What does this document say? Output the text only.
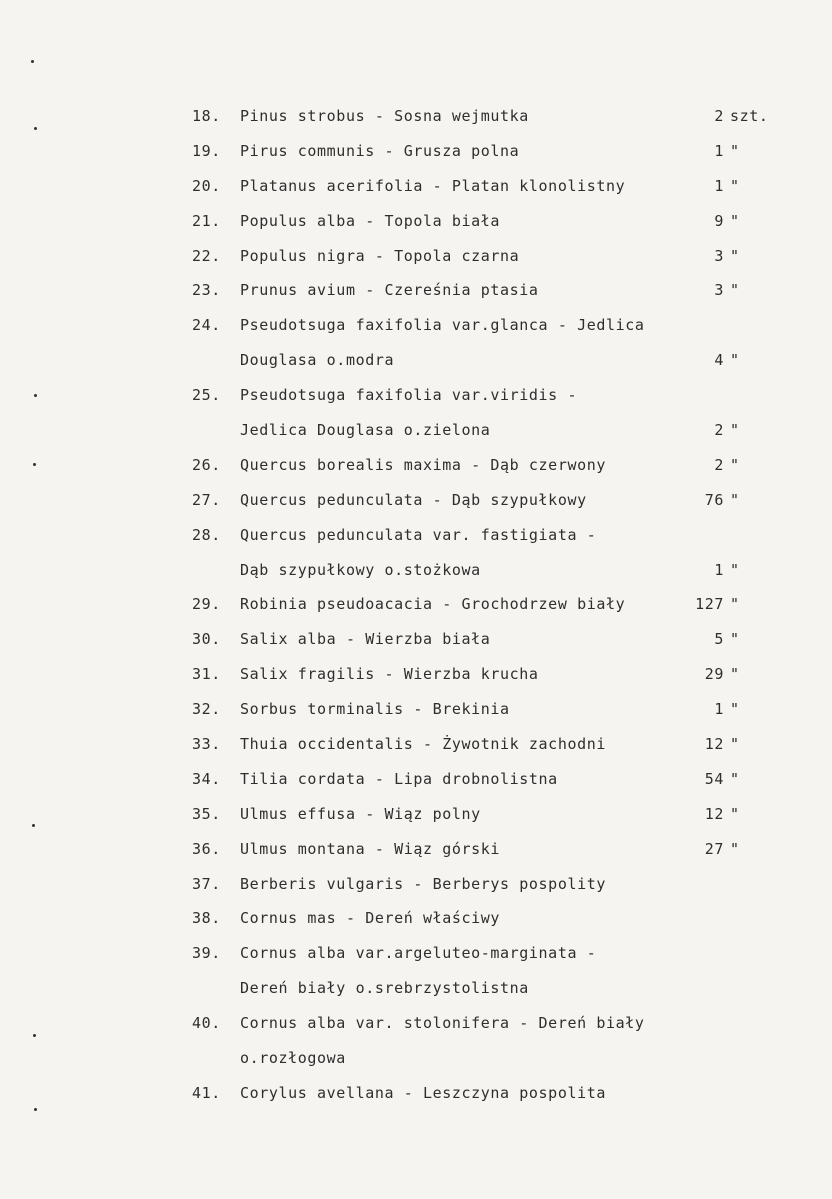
18.	Pinus strobus - Sosna wejmutka	2 szt.
19.	Pirus communis - Grusza polna	1 "
20.	Platanus acerifolia - Platan klonolistny	1 "
21.	Populus alba - Topola biała	9 "
22.	Populus nigra - Topola czarna	3 "
23.	Prunus avium - Czereśnia ptasia	3 "
24.	Pseudotsuga faxifolia var.glanca - Jedlica
Douglasa o.modra	4 "
25.	Pseudotsuga faxifolia var.viridis -
Jedlica Douglasa o.zielona	2 "
26.	Quercus borealis maxima - Dąb czerwony	2 "
27.	Quercus pedunculata - Dąb szypułkowy	76 "
28.	Quercus pedunculata var. fastigiata -
Dąb szypułkowy o.stożkowa	1 "
29.	Robinia pseudoacacia - Grochodrzew biały	127 "
30.	Salix alba - Wierzba biała	5 "
31.	Salix fragilis - Wierzba krucha	29 "
32.	Sorbus torminalis - Brekinia	1 "
33.	Thuia occidentalis - Żywotnik zachodni	12 "
34.	Tilia cordata - Lipa drobnolistna	54 "
35.	Ulmus effusa - Wiąz polny	12 "
36.	Ulmus montana - Wiąz górski	27 "
37.	Berberis vulgaris - Berberys pospolity
38.	Cornus mas - Dereń właściwy
39.	Cornus alba var.argeluteo-marginata -
Dereń biały o.srebrzystolistna
40.	Cornus alba var. stolonifera - Dereń biały
o.rozłogowa
41.	Corylus avellana - Leszczyna pospolita
